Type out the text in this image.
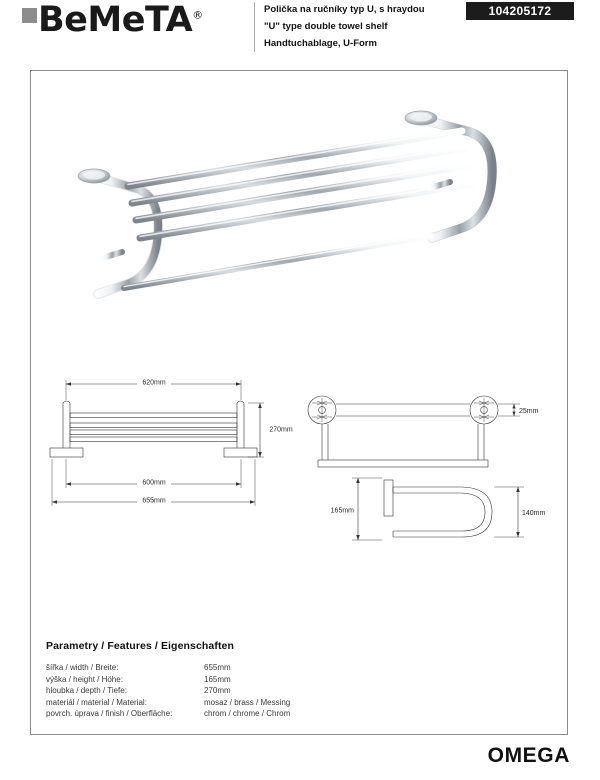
BeMeTA®	Polička na ručníky typ U, s hraydou
"U" type double towel shelf
Handtuchablage, U-Form
104205172
620mm
270mm
600mm
655mm
25mm
165mm	140mm
Parametry / Features / Eigenschaften
šířka / width / Breite:	655mm
výška / height / Höhe:	165mm
hloubka / depth / Tiefe:	270mm
materiál / material / Material:	mosaz / brass / Messing
povrch. úprava / finish / Oberfläche:	chrom / chrome / Chrom
OMEGA
